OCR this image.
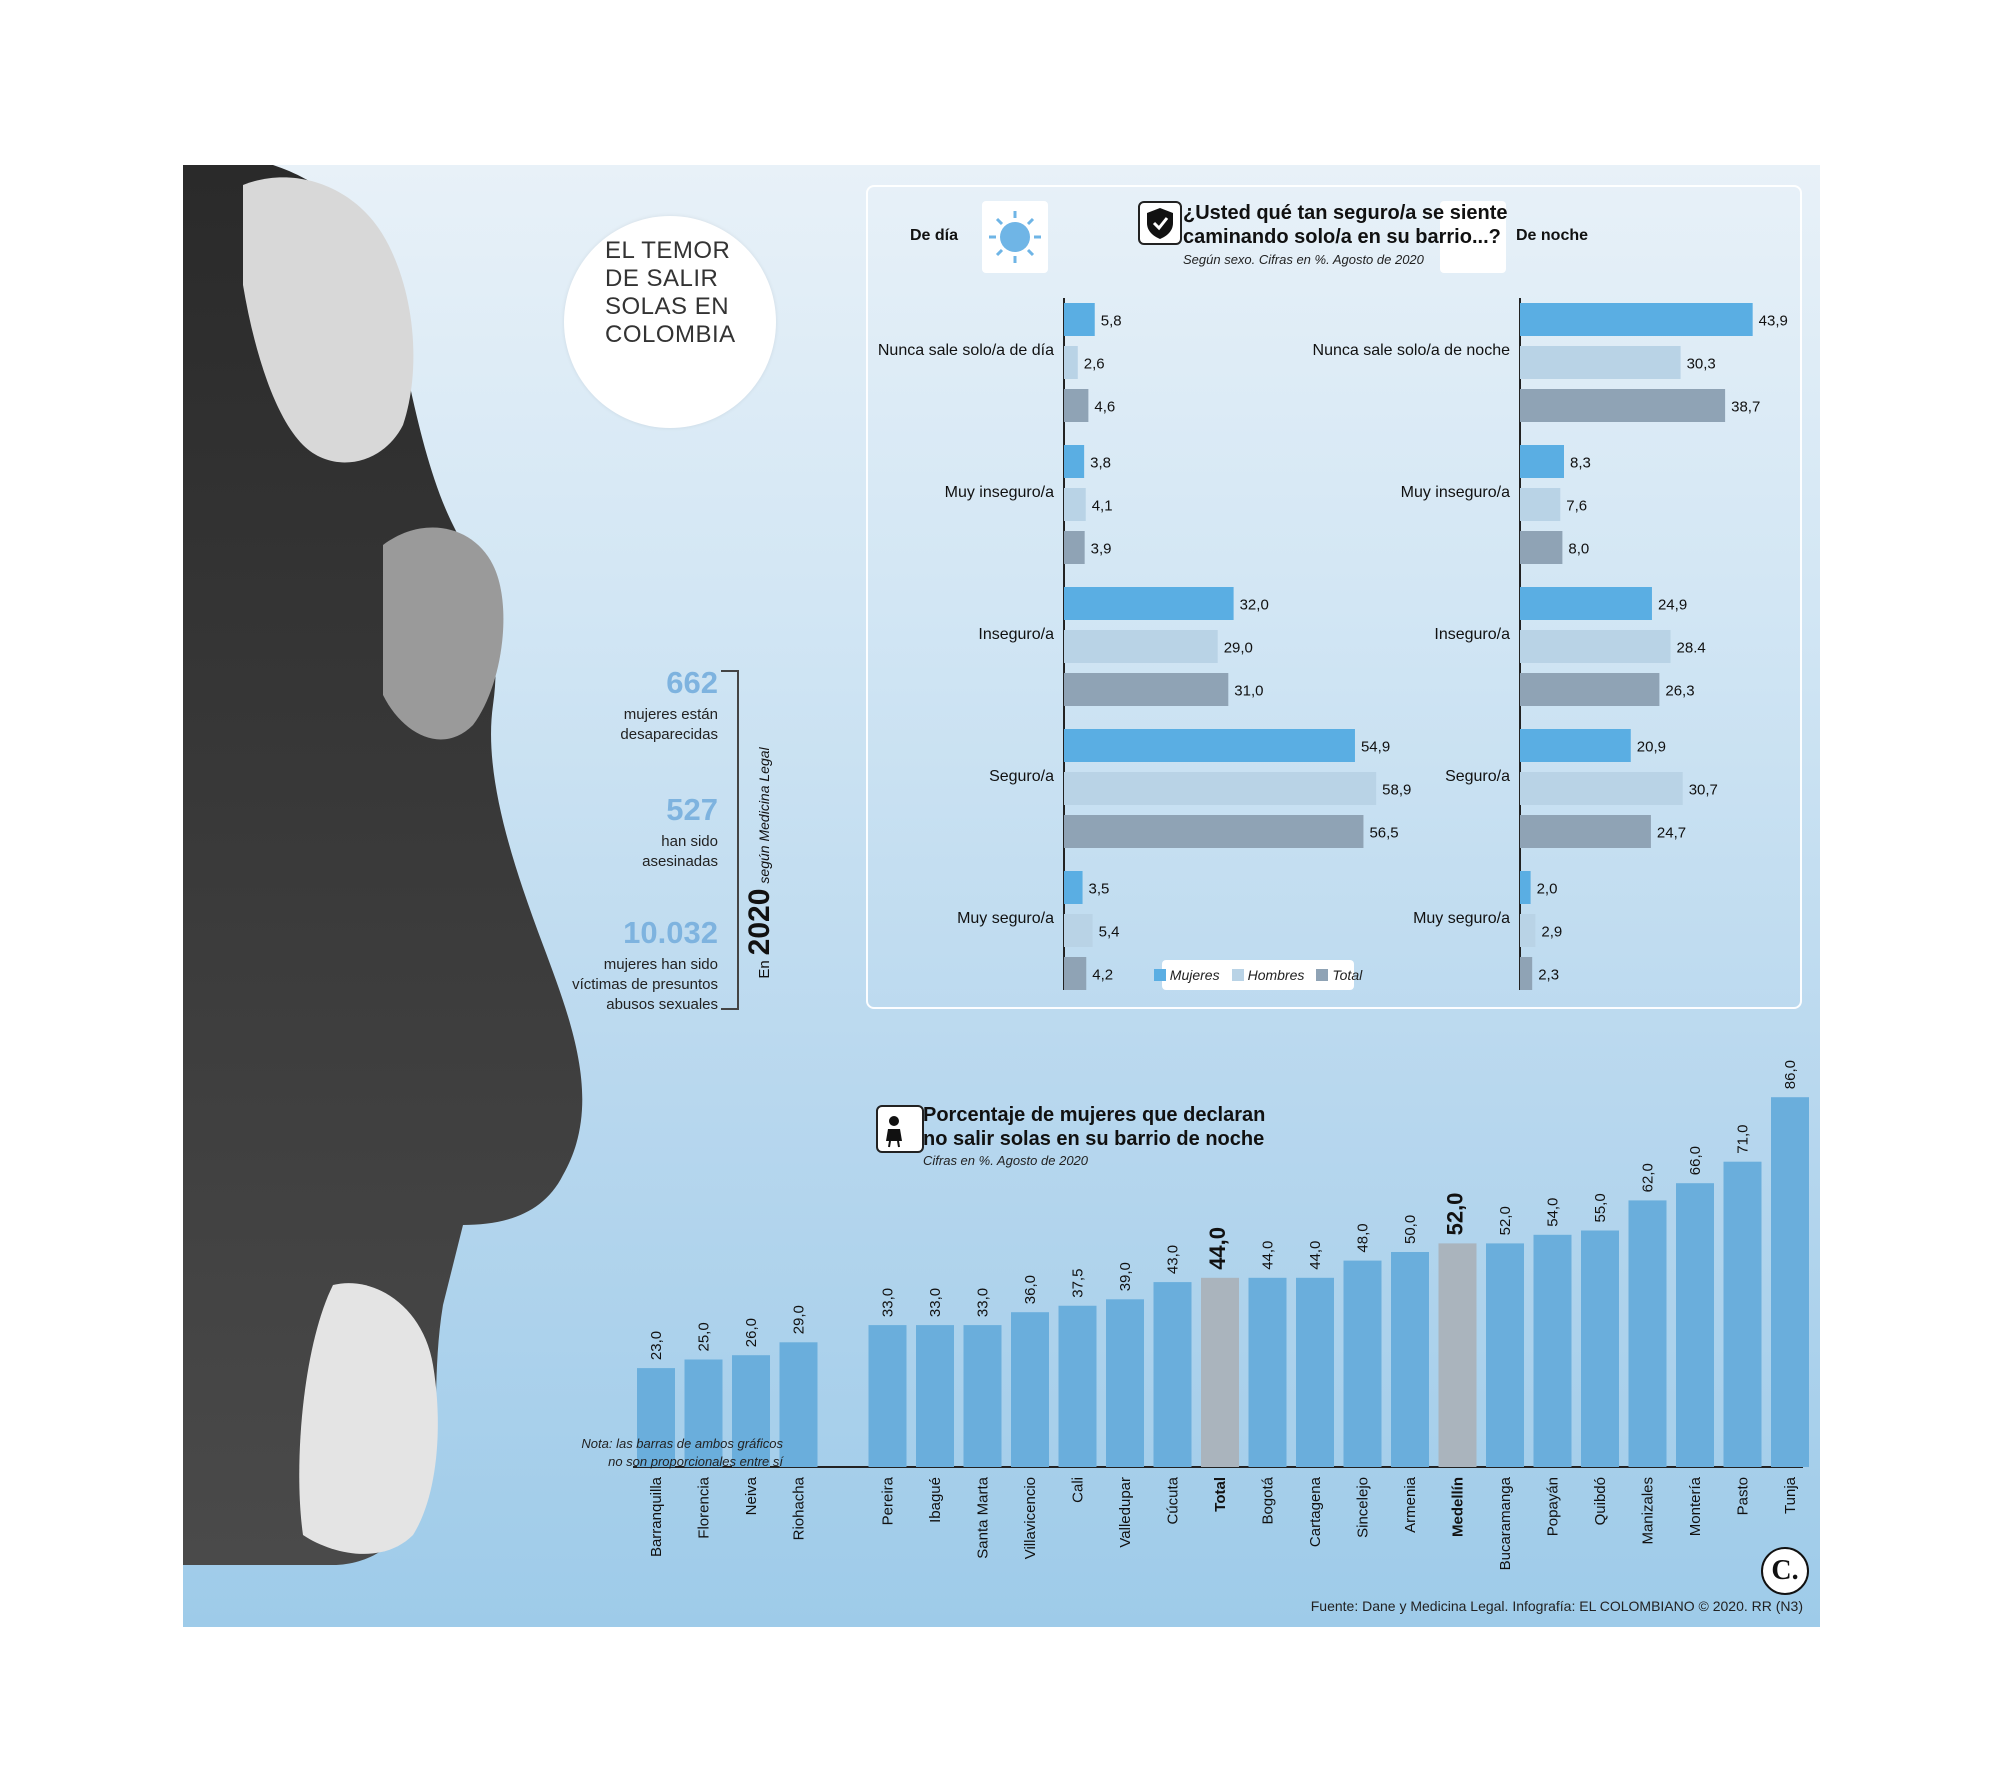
EL TEMOR
DE SALIR
SOLAS EN
COLOMBIA
662
mujeres están
desaparecidas
527
han sido
asesinadas
10.032
mujeres han sido
víctimas de presuntos
abusos sexuales
En
2020
según Medicina Legal
De día	De noche
¿Usted qué tan seguro/a se siente
caminando solo/a en su barrio...?
Según sexo. Cifras en %. Agosto de 2020
Nunca sale solo/a de día
5,8
2,6
4,6
Muy inseguro/a
3,8
4,1
3,9
Inseguro/a
32,0
29,0
31,0
Seguro/a
54,9
58,9
56,5
Muy seguro/a
3,5
5,4
4,2
Nunca sale solo/a de noche
43,9
30,3
38,7
Muy inseguro/a
8,3
7,6
8,0
Inseguro/a
24,9
28.4
26,3
Seguro/a
20,9
30,7
24,7
Muy seguro/a
2,0
2,9
2,3
Mujeres Hombres Total
Porcentaje de mujeres que declaran
no salir solas en su barrio de noche
Cifras en %. Agosto de 2020
23,0
Barranquilla
25,0
Florencia
26,0
Neiva
29,0
Riohacha
33,0
Pereira
33,0
Ibagué
33,0
Santa Marta
36,0
Villavicencio
37,5
Cali
39,0
Valledupar
43,0
Cúcuta
44,0
Total
44,0
Bogotá
44,0
Cartagena
48,0
Sincelejo
50,0
Armenia
52,0
Medellín
52,0
Bucaramanga
54,0
Popayán
55,0
Quibdó
62,0
Manizales
66,0
Montería
71,0
Pasto
86,0
Tunja
Nota: las barras de ambos gráficos
no son proporcionales entre sí
C.
Fuente: Dane y Medicina Legal. Infografía: EL COLOMBIANO © 2020. RR (N3)
